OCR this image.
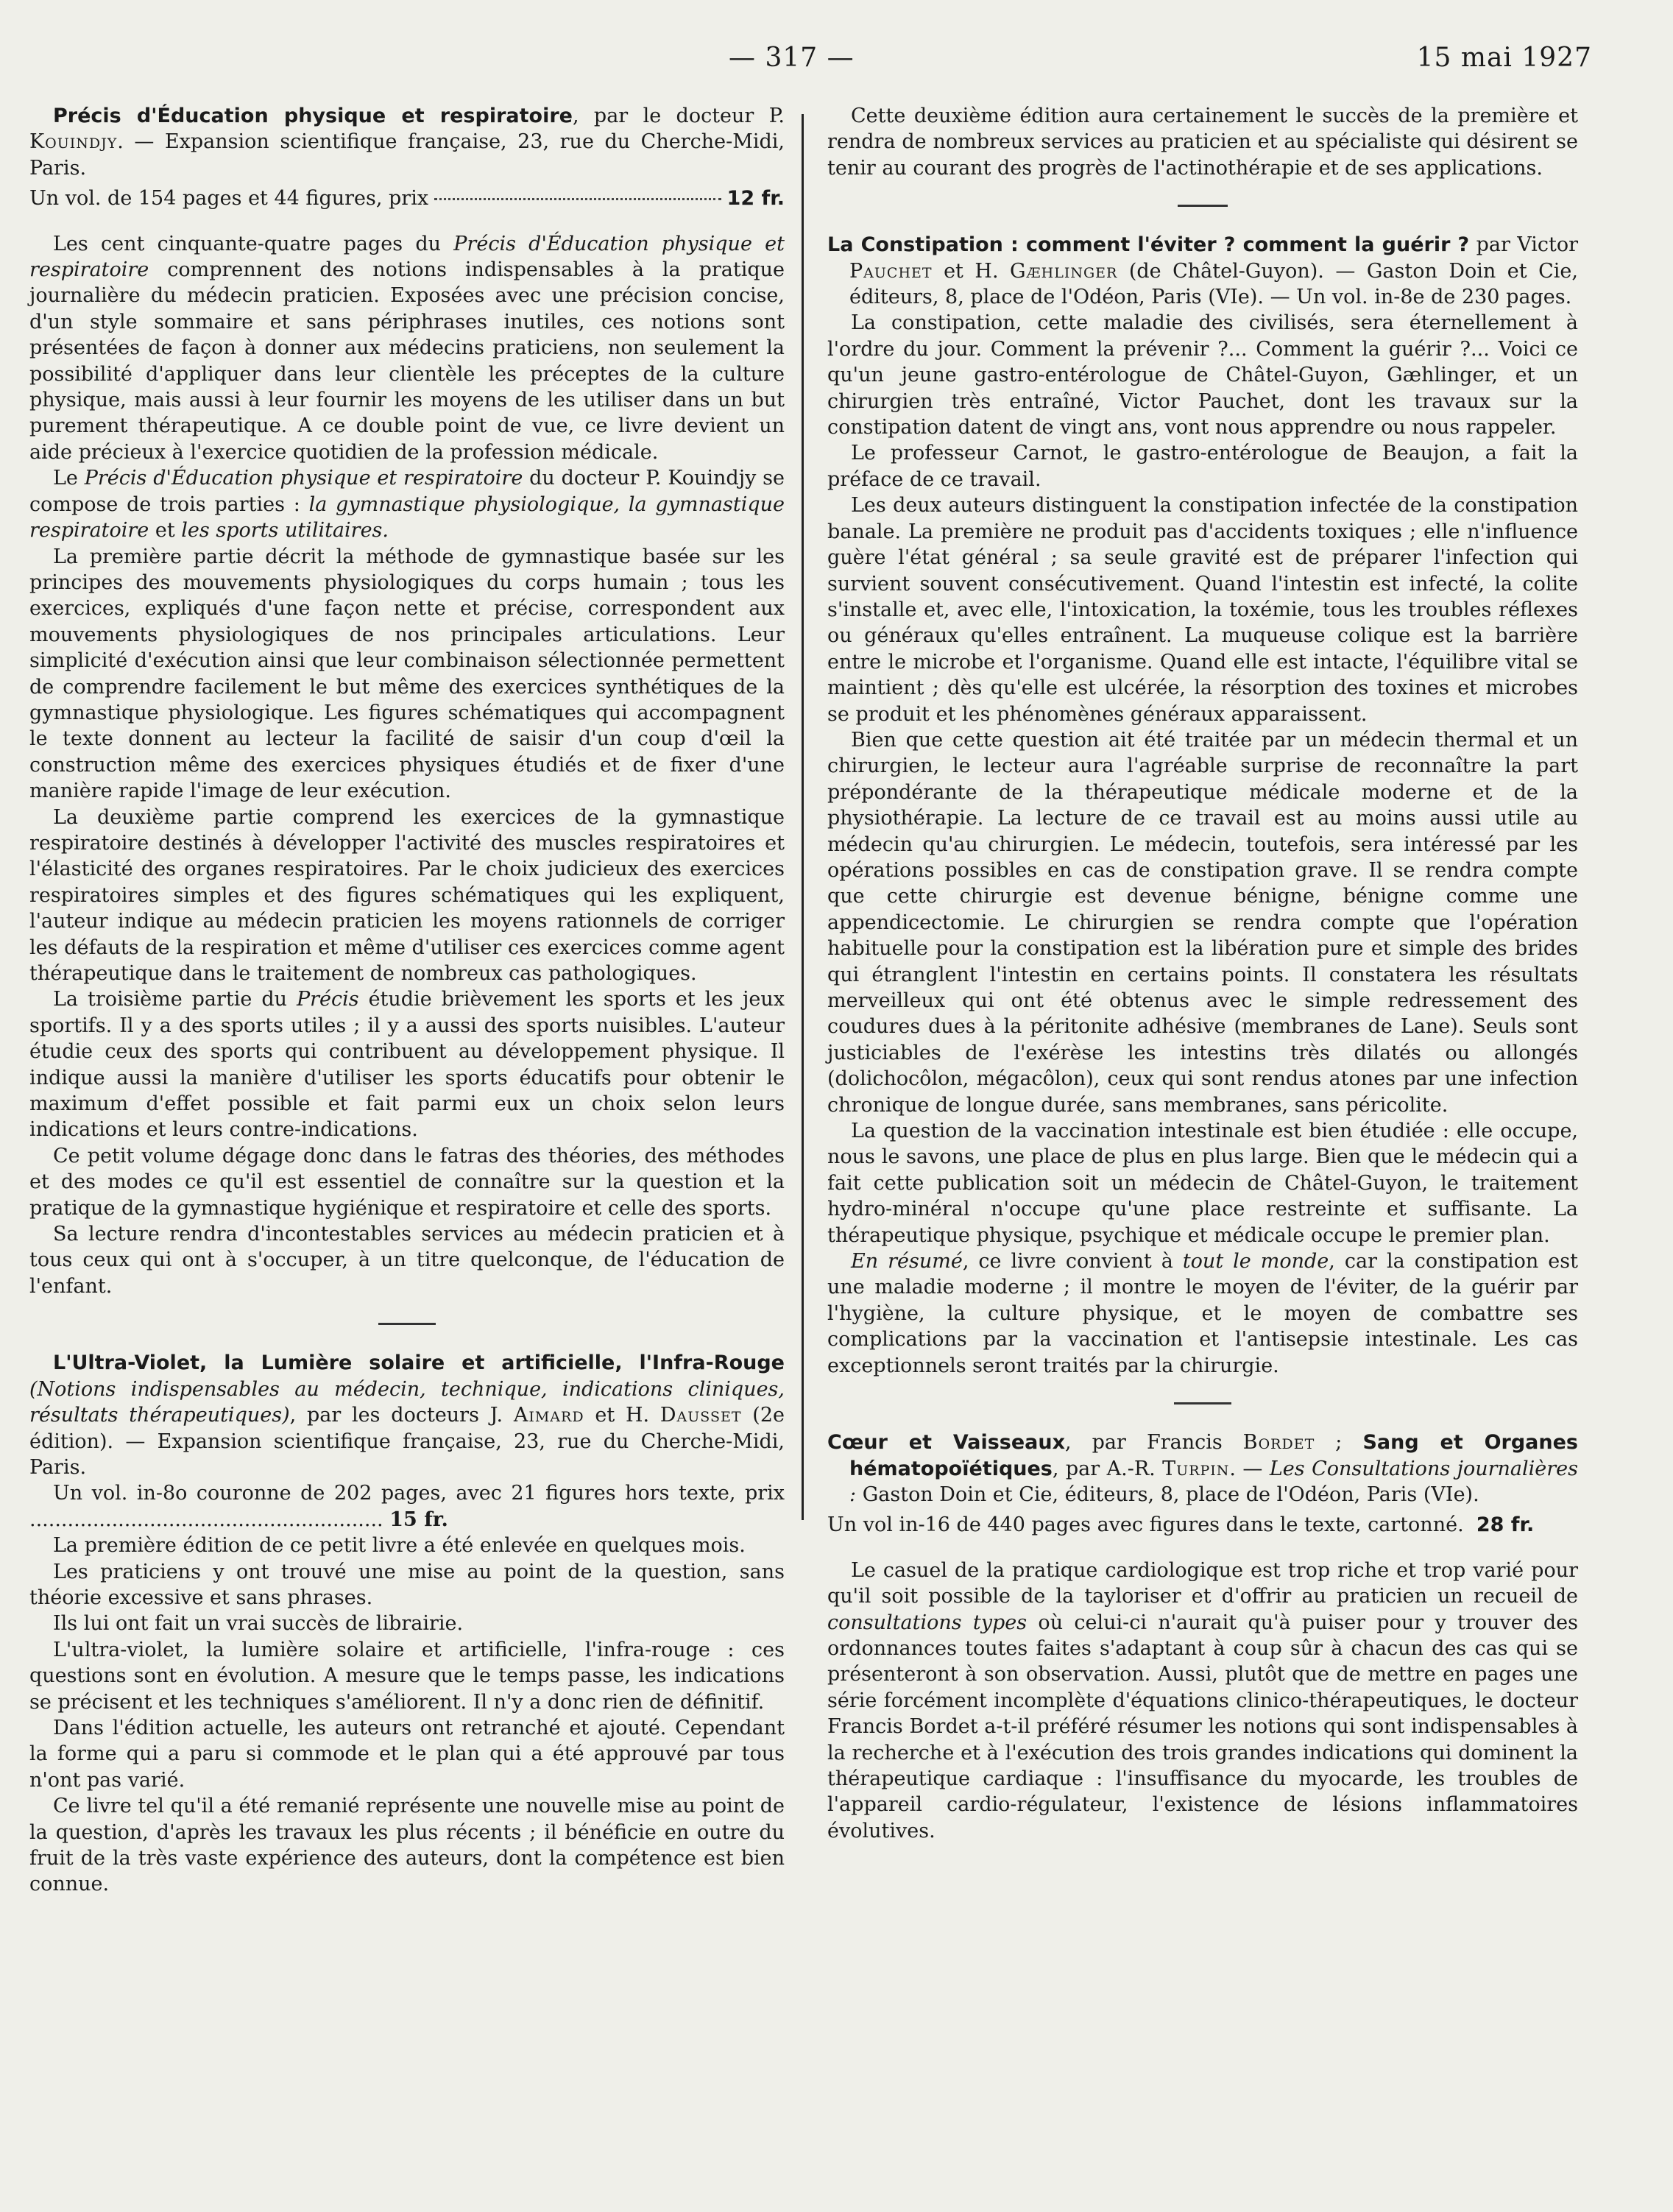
— 317 —	15 mai 1927

Précis d'Éducation physique et respiratoire, par le docteur P. Kouindjy. — Expansion scientifique française, 23, rue du Cherche-Midi, Paris.

Un vol. de 154 pages et 44 figures, prix	12 fr.

Les cent cinquante-quatre pages du Précis d'Éducation physique et respiratoire comprennent des notions indispensables à la pratique journalière du médecin praticien. Exposées avec une précision concise, d'un style sommaire et sans périphrases inutiles, ces notions sont présentées de façon à donner aux médecins praticiens, non seulement la possibilité d'appliquer dans leur clientèle les préceptes de la culture physique, mais aussi à leur fournir les moyens de les utiliser dans un but purement thérapeutique. A ce double point de vue, ce livre devient un aide précieux à l'exercice quotidien de la profession médicale.

Le Précis d'Éducation physique et respiratoire du docteur P. Kouindjy se compose de trois parties : la gymnastique physiologique, la gymnastique respiratoire et les sports utilitaires.

La première partie décrit la méthode de gymnastique basée sur les principes des mouvements physiologiques du corps humain ; tous les exercices, expliqués d'une façon nette et précise, correspondent aux mouvements physiologiques de nos principales articulations. Leur simplicité d'exécution ainsi que leur combinaison sélectionnée permettent de comprendre facilement le but même des exercices synthétiques de la gymnastique physiologique. Les figures schématiques qui accompagnent le texte donnent au lecteur la facilité de saisir d'un coup d'œil la construction même des exercices physiques étudiés et de fixer d'une manière rapide l'image de leur exécution.

La deuxième partie comprend les exercices de la gymnastique respiratoire destinés à développer l'activité des muscles respiratoires et l'élasticité des organes respiratoires. Par le choix judicieux des exercices respiratoires simples et des figures schématiques qui les expliquent, l'auteur indique au médecin praticien les moyens rationnels de corriger les défauts de la respiration et même d'utiliser ces exercices comme agent thérapeutique dans le traitement de nombreux cas pathologiques.

La troisième partie du Précis étudie brièvement les sports et les jeux sportifs. Il y a des sports utiles ; il y a aussi des sports nuisibles. L'auteur étudie ceux des sports qui contribuent au développement physique. Il indique aussi la manière d'utiliser les sports éducatifs pour obtenir le maximum d'effet possible et fait parmi eux un choix selon leurs indications et leurs contre-indications.

Ce petit volume dégage donc dans le fatras des théories, des méthodes et des modes ce qu'il est essentiel de connaître sur la question et la pratique de la gymnastique hygiénique et respiratoire et celle des sports.

Sa lecture rendra d'incontestables services au médecin praticien et à tous ceux qui ont à s'occuper, à un titre quelconque, de l'éducation de l'enfant.

L'Ultra-Violet, la Lumière solaire et artificielle, l'Infra-Rouge (Notions indispensables au médecin, technique, indications cliniques, résultats thérapeutiques), par les docteurs J. Aimard et H. Dausset (2e édition). — Expansion scientifique française, 23, rue du Cherche-Midi, Paris.

Un vol. in-8o couronne de 202 pages, avec 21 figures hors texte, prix ........................................................ 15 fr.

La première édition de ce petit livre a été enlevée en quelques mois.

Les praticiens y ont trouvé une mise au point de la question, sans théorie excessive et sans phrases.

Ils lui ont fait un vrai succès de librairie.

L'ultra-violet, la lumière solaire et artificielle, l'infra-rouge : ces questions sont en évolution. A mesure que le temps passe, les indications se précisent et les techniques s'améliorent. Il n'y a donc rien de définitif.

Dans l'édition actuelle, les auteurs ont retranché et ajouté. Cependant la forme qui a paru si commode et le plan qui a été approuvé par tous n'ont pas varié.

Ce livre tel qu'il a été remanié représente une nouvelle mise au point de la question, d'après les travaux les plus récents ; il bénéficie en outre du fruit de la très vaste expérience des auteurs, dont la compétence est bien connue.

Cette deuxième édition aura certainement le succès de la première et rendra de nombreux services au praticien et au spécialiste qui désirent se tenir au courant des progrès de l'actinothérapie et de ses applications.

La Constipation : comment l'éviter ? comment la guérir ? par Victor Pauchet et H. Gæhlinger (de Châtel-Guyon). — Gaston Doin et Cie, éditeurs, 8, place de l'Odéon, Paris (VIe). — Un vol. in-8e de 230 pages.

La constipation, cette maladie des civilisés, sera éternellement à l'ordre du jour. Comment la prévenir ?... Comment la guérir ?... Voici ce qu'un jeune gastro-entérologue de Châtel-Guyon, Gæhlinger, et un chirurgien très entraîné, Victor Pauchet, dont les travaux sur la constipation datent de vingt ans, vont nous apprendre ou nous rappeler.

Le professeur Carnot, le gastro-entérologue de Beaujon, a fait la préface de ce travail.

Les deux auteurs distinguent la constipation infectée de la constipation banale. La première ne produit pas d'accidents toxiques ; elle n'influence guère l'état général ; sa seule gravité est de préparer l'infection qui survient souvent consécutivement. Quand l'intestin est infecté, la colite s'installe et, avec elle, l'intoxication, la toxémie, tous les troubles réflexes ou généraux qu'elles entraînent. La muqueuse colique est la barrière entre le microbe et l'organisme. Quand elle est intacte, l'équilibre vital se maintient ; dès qu'elle est ulcérée, la résorption des toxines et microbes se produit et les phénomènes généraux apparaissent.

Bien que cette question ait été traitée par un médecin thermal et un chirurgien, le lecteur aura l'agréable surprise de reconnaître la part prépondérante de la thérapeutique médicale moderne et de la physiothérapie. La lecture de ce travail est au moins aussi utile au médecin qu'au chirurgien. Le médecin, toutefois, sera intéressé par les opérations possibles en cas de constipation grave. Il se rendra compte que cette chirurgie est devenue bénigne, bénigne comme une appendicectomie. Le chirurgien se rendra compte que l'opération habituelle pour la constipation est la libération pure et simple des brides qui étranglent l'intestin en certains points. Il constatera les résultats merveilleux qui ont été obtenus avec le simple redressement des coudures dues à la péritonite adhésive (membranes de Lane). Seuls sont justiciables de l'exérèse les intestins très dilatés ou allongés (dolichocôlon, mégacôlon), ceux qui sont rendus atones par une infection chronique de longue durée, sans membranes, sans péricolite.

La question de la vaccination intestinale est bien étudiée : elle occupe, nous le savons, une place de plus en plus large. Bien que le médecin qui a fait cette publication soit un médecin de Châtel-Guyon, le traitement hydro-minéral n'occupe qu'une place restreinte et suffisante. La thérapeutique physique, psychique et médicale occupe le premier plan.

En résumé, ce livre convient à tout le monde, car la constipation est une maladie moderne ; il montre le moyen de l'éviter, de la guérir par l'hygiène, la culture physique, et le moyen de combattre ses complications par la vaccination et l'antisepsie intestinale. Les cas exceptionnels seront traités par la chirurgie.

Cœur et Vaisseaux, par Francis Bordet ; Sang et Organes hématopoïétiques, par A.-R. Turpin. — Les Consultations journalières : Gaston Doin et Cie, éditeurs, 8, place de l'Odéon, Paris (VIe).

Un vol in-16 de 440 pages avec figures dans le texte, cartonné.
28 fr.

Le casuel de la pratique cardiologique est trop riche et trop varié pour qu'il soit possible de la tayloriser et d'offrir au praticien un recueil de consultations types où celui-ci n'aurait qu'à puiser pour y trouver des ordonnances toutes faites s'adaptant à coup sûr à chacun des cas qui se présenteront à son observation. Aussi, plutôt que de mettre en pages une série forcément incomplète d'équations clinico-thérapeutiques, le docteur Francis Bordet a-t-il préféré résumer les notions qui sont indispensables à la recherche et à l'exécution des trois grandes indications qui dominent la thérapeutique cardiaque : l'insuffisance du myocarde, les troubles de l'appareil cardio-régulateur, l'existence de lésions inflammatoires évolutives.
